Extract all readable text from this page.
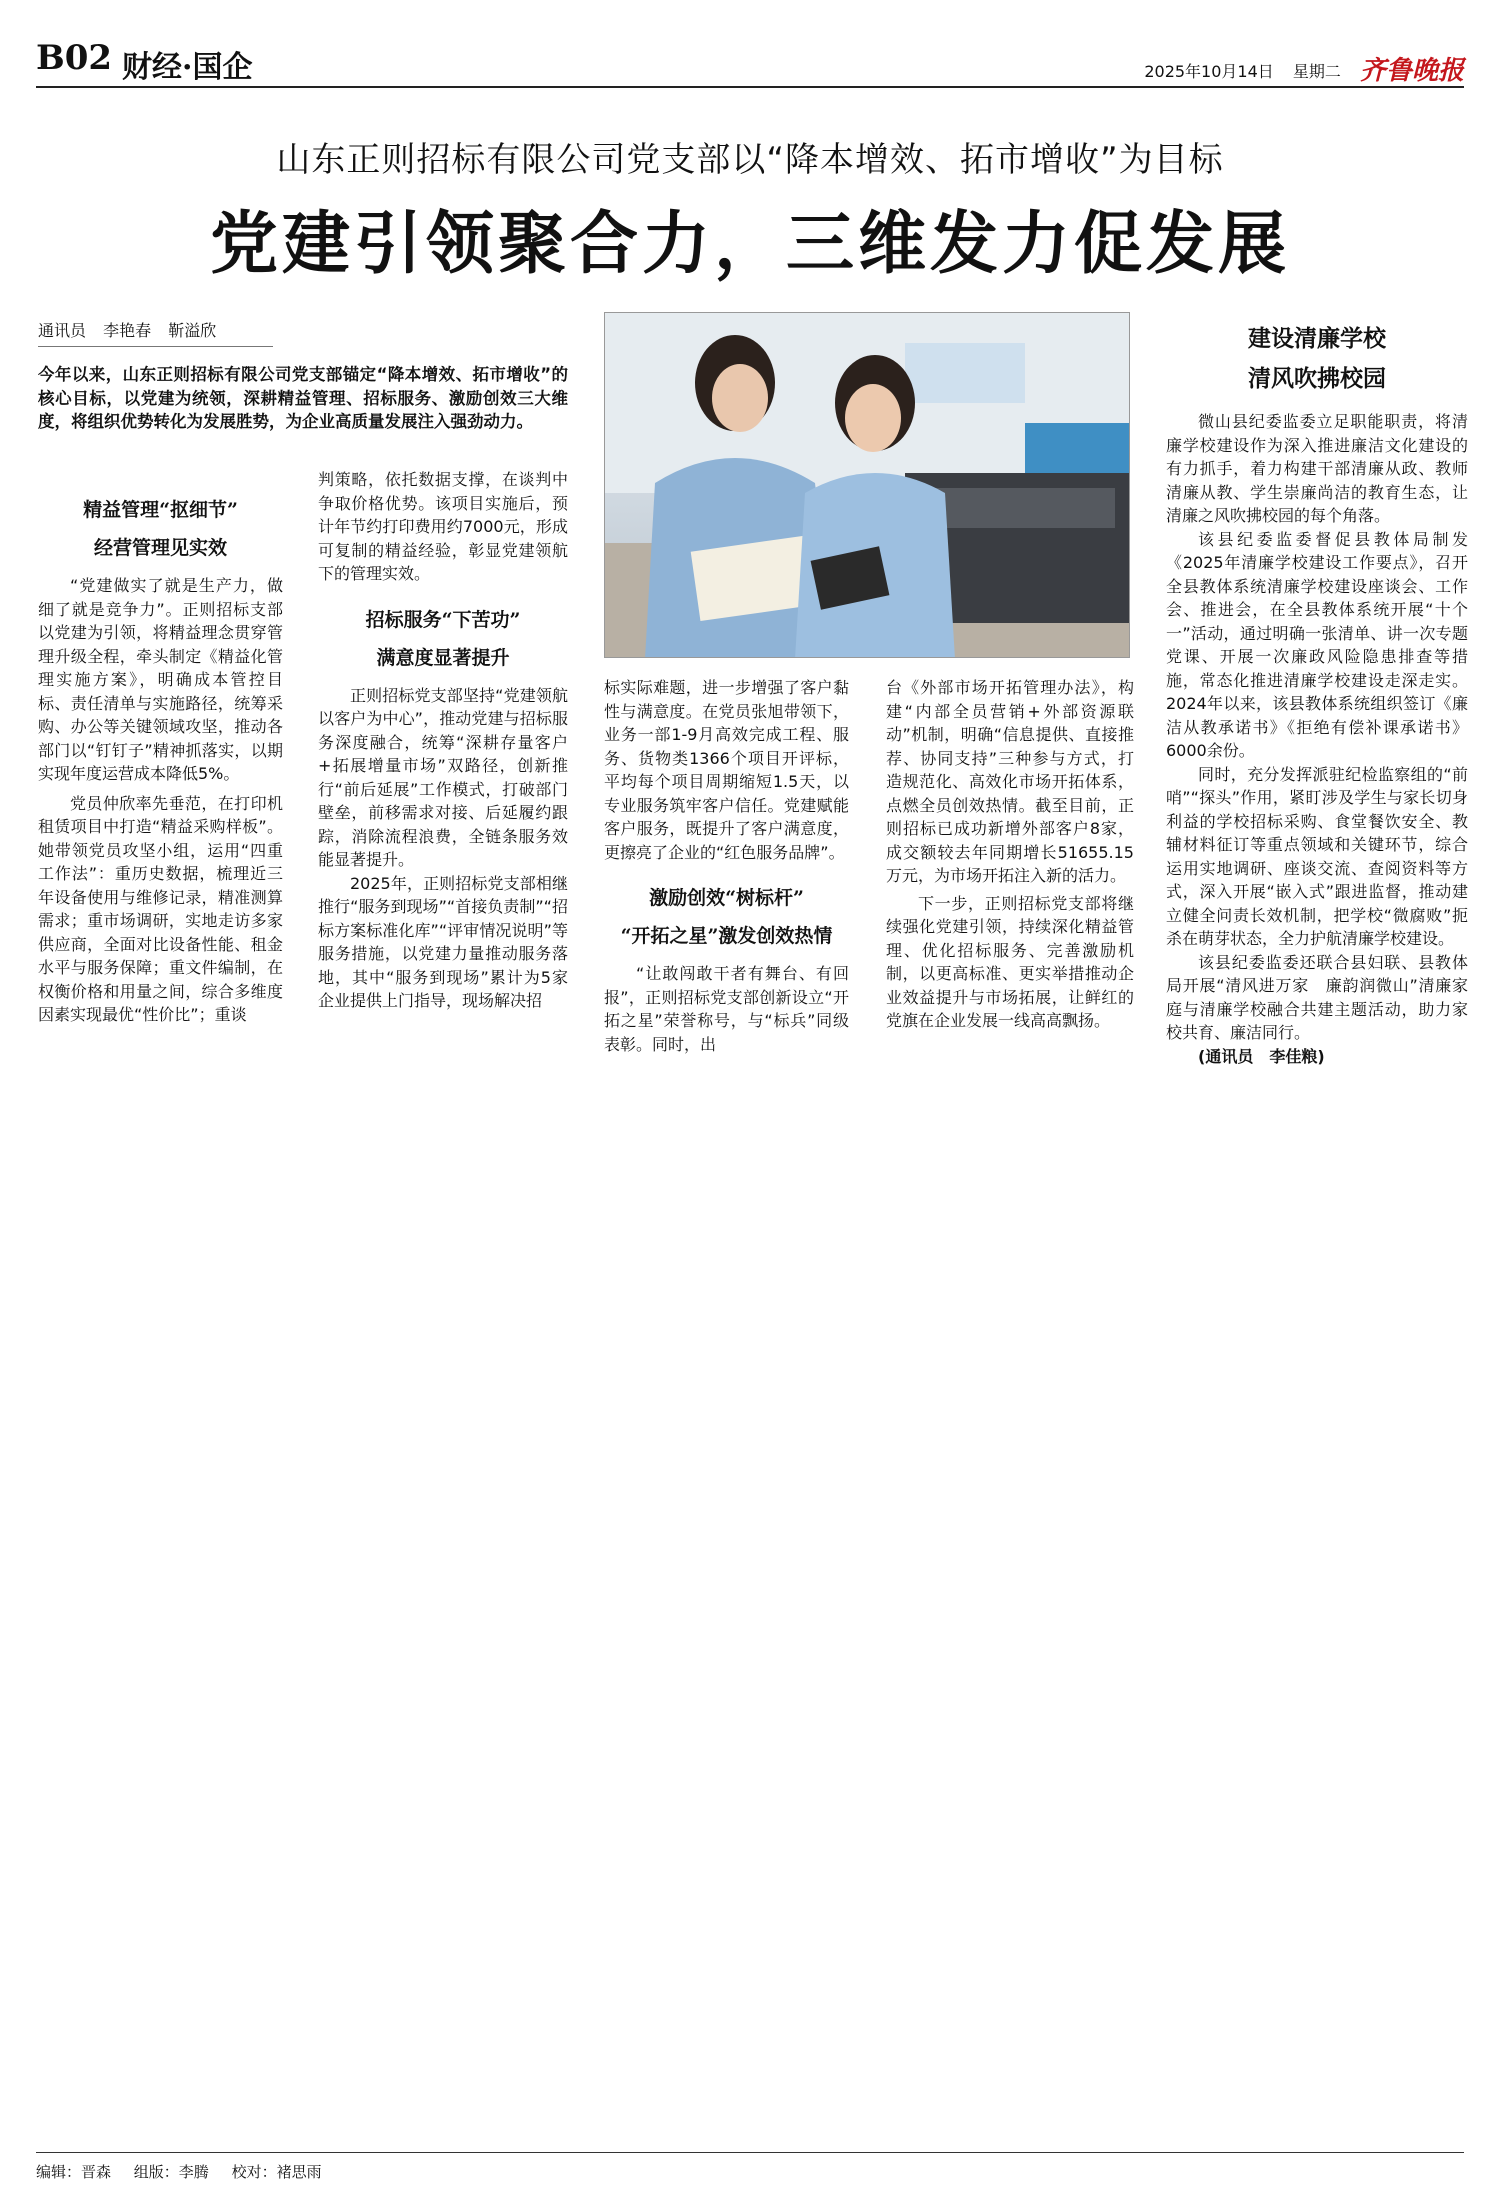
B02 财经·国企	2025年10月14日 星期二 齐鲁晚报
山东正则招标有限公司党支部以“降本增效、拓市增收”为目标
党建引领聚合力，三维发力促发展
通讯员 李艳春 靳溢欣
今年以来，山东正则招标有限公司党支部锚定“降本增效、拓市增收”的核心目标，以党建为统领，深耕精益管理、招标服务、激励创效三大维度，将组织优势转化为发展胜势，为企业高质量发展注入强劲动力。
精益管理“抠细节”
经营管理见实效

“党建做实了就是生产力，做细了就是竞争力”。正则招标支部以党建为引领，将精益理念贯穿管理升级全程，牵头制定《精益化管理实施方案》，明确成本管控目标、责任清单与实施路径，统筹采购、办公等关键领域攻坚，推动各部门以“钉钉子”精神抓落实，以期实现年度运营成本降低5%。

党员仲欣率先垂范，在打印机租赁项目中打造“精益采购样板”。她带领党员攻坚小组，运用“四重工作法”：重历史数据，梳理近三年设备使用与维修记录，精准测算需求；重市场调研，实地走访多家供应商，全面对比设备性能、租金水平与服务保障；重文件编制，在权衡价格和用量之间，综合多维度因素实现最优“性价比”；重谈

判策略，依托数据支撑，在谈判中争取价格优势。该项目实施后，预计年节约打印费用约7000元，形成可复制的精益经验，彰显党建领航下的管理实效。

招标服务“下苦功”
满意度显著提升

正则招标党支部坚持“党建领航以客户为中心”，推动党建与招标服务深度融合，统筹“深耕存量客户+拓展增量市场”双路径，创新推行“前后延展”工作模式，打破部门壁垒，前移需求对接、后延履约跟踪，消除流程浪费，全链条服务效能显著提升。

2025年，正则招标党支部相继推行“服务到现场”“首接负责制”“招标方案标准化库”“评审情况说明”等服务措施，以党建力量推动服务落地，其中“服务到现场”累计为5家企业提供上门指导，现场解决招

标实际难题，进一步增强了客户黏性与满意度。在党员张旭带领下，业务一部1-9月高效完成工程、服务、货物类1366个项目开评标，平均每个项目周期缩短1.5天，以专业服务筑牢客户信任。党建赋能客户服务，既提升了客户满意度，更擦亮了企业的“红色服务品牌”。

激励创效“树标杆”
“开拓之星”激发创效热情

“让敢闯敢干者有舞台、有回报”，正则招标党支部创新设立“开拓之星”荣誉称号，与“标兵”同级表彰。同时，出

台《外部市场开拓管理办法》，构建“内部全员营销+外部资源联动”机制，明确“信息提供、直接推荐、协同支持”三种参与方式，打造规范化、高效化市场开拓体系，点燃全员创效热情。截至目前，正则招标已成功新增外部客户8家，成交额较去年同期增长51655.15万元，为市场开拓注入新的活力。

下一步，正则招标党支部将继续强化党建引领，持续深化精益管理、优化招标服务、完善激励机制，以更高标准、更实举措推动企业效益提升与市场拓展，让鲜红的党旗在企业发展一线高高飘扬。

建设清廉学校
清风吹拂校园

微山县纪委监委立足职能职责，将清廉学校建设作为深入推进廉洁文化建设的有力抓手，着力构建干部清廉从政、教师清廉从教、学生崇廉尚洁的教育生态，让清廉之风吹拂校园的每个角落。

该县纪委监委督促县教体局制发《2025年清廉学校建设工作要点》，召开全县教体系统清廉学校建设座谈会、工作会、推进会，在全县教体系统开展“十个一”活动，通过明确一张清单、讲一次专题党课、开展一次廉政风险隐患排查等措施，常态化推进清廉学校建设走深走实。2024年以来，该县教体系统组织签订《廉洁从教承诺书》《拒绝有偿补课承诺书》6000余份。

同时，充分发挥派驻纪检监察组的“前哨”“探头”作用，紧盯涉及学生与家长切身利益的学校招标采购、食堂餐饮安全、教辅材料征订等重点领域和关键环节，综合运用实地调研、座谈交流、查阅资料等方式，深入开展“嵌入式”跟进监督，推动建立健全问责长效机制，把学校“微腐败”扼杀在萌芽状态，全力护航清廉学校建设。

该县纪委监委还联合县妇联、县教体局开展“清风进万家　廉韵润微山”清廉家庭与清廉学校融合共建主题活动，助力家校共育、廉洁同行。

(通讯员　李佳粮)

编辑：晋森 组版：李腾 校对：褚思雨
